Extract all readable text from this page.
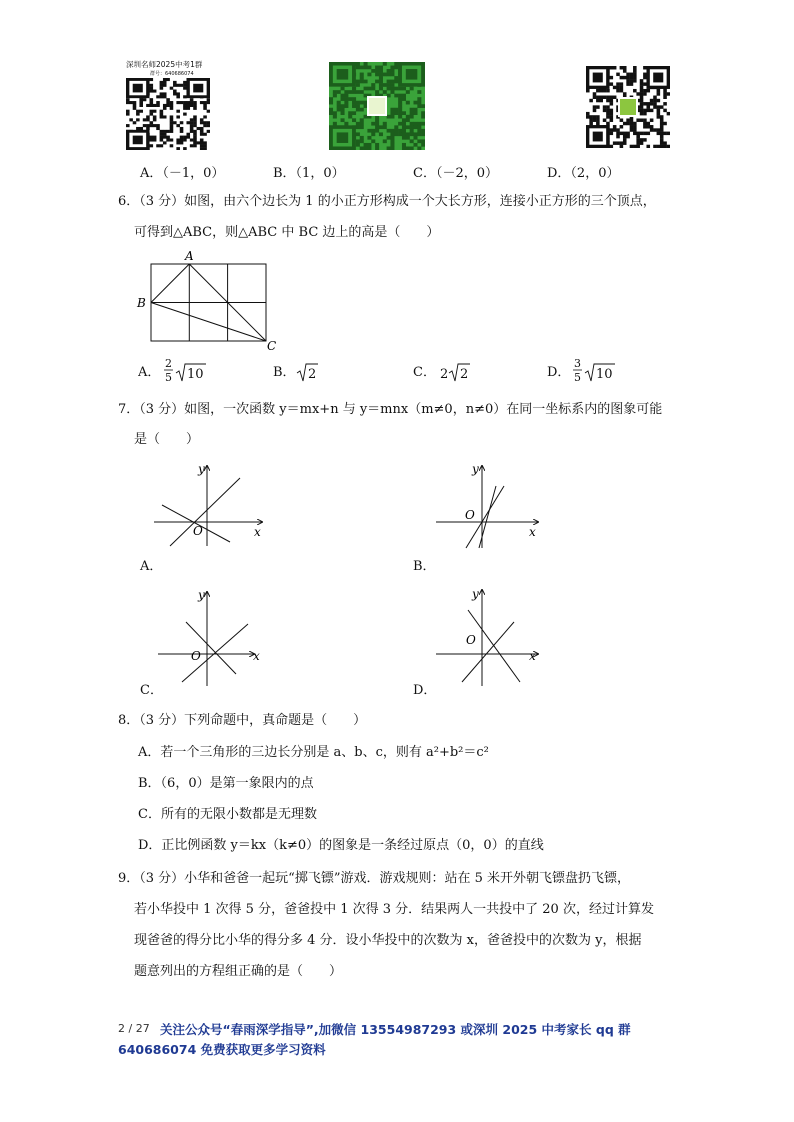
深圳名师2025中考1群
群号：640686074
A．（－1，0）	B．（1，0）	C．（－2，0）	D．（2，0）
6．（3 分）如图，由六个边长为 1 的小正方形构成一个大长方形，连接小正方形的三个顶点，
可得到△ABC，则△ABC 中 BC 边上的高是（　　）
A
B
C
A．
2
5 10	B． 2	C． 2 2	D．
3
5 10
7．（3 分）如图，一次函数 y＝mx+n 与 y＝mnx（m≠0，n≠0）在同一坐标系内的图象可能
是（　　）
y
x
O
A．
y
x
O
B．
y
x
O
C．
y
x
O
D．
8．（3 分）下列命题中，真命题是（　　）
A．若一个三角形的三边长分别是 a、b、c，则有 a²+b²＝c²
B．（6，0）是第一象限内的点
C．所有的无限小数都是无理数
D．正比例函数 y＝kx（k≠0）的图象是一条经过原点（0，0）的直线
9．（3 分）小华和爸爸一起玩“掷飞镖”游戏．游戏规则：站在 5 米开外朝飞镖盘扔飞镖，
若小华投中 1 次得 5 分，爸爸投中 1 次得 3 分．结果两人一共投中了 20 次，经过计算发
现爸爸的得分比小华的得分多 4 分．设小华投中的次数为 x，爸爸投中的次数为 y，根据
题意列出的方程组正确的是（　　）
2 / 27 关注公众号“春雨深学指导”,加微信 13554987293 或深圳 2025 中考家长 qq 群
640686074 免费获取更多学习资料
